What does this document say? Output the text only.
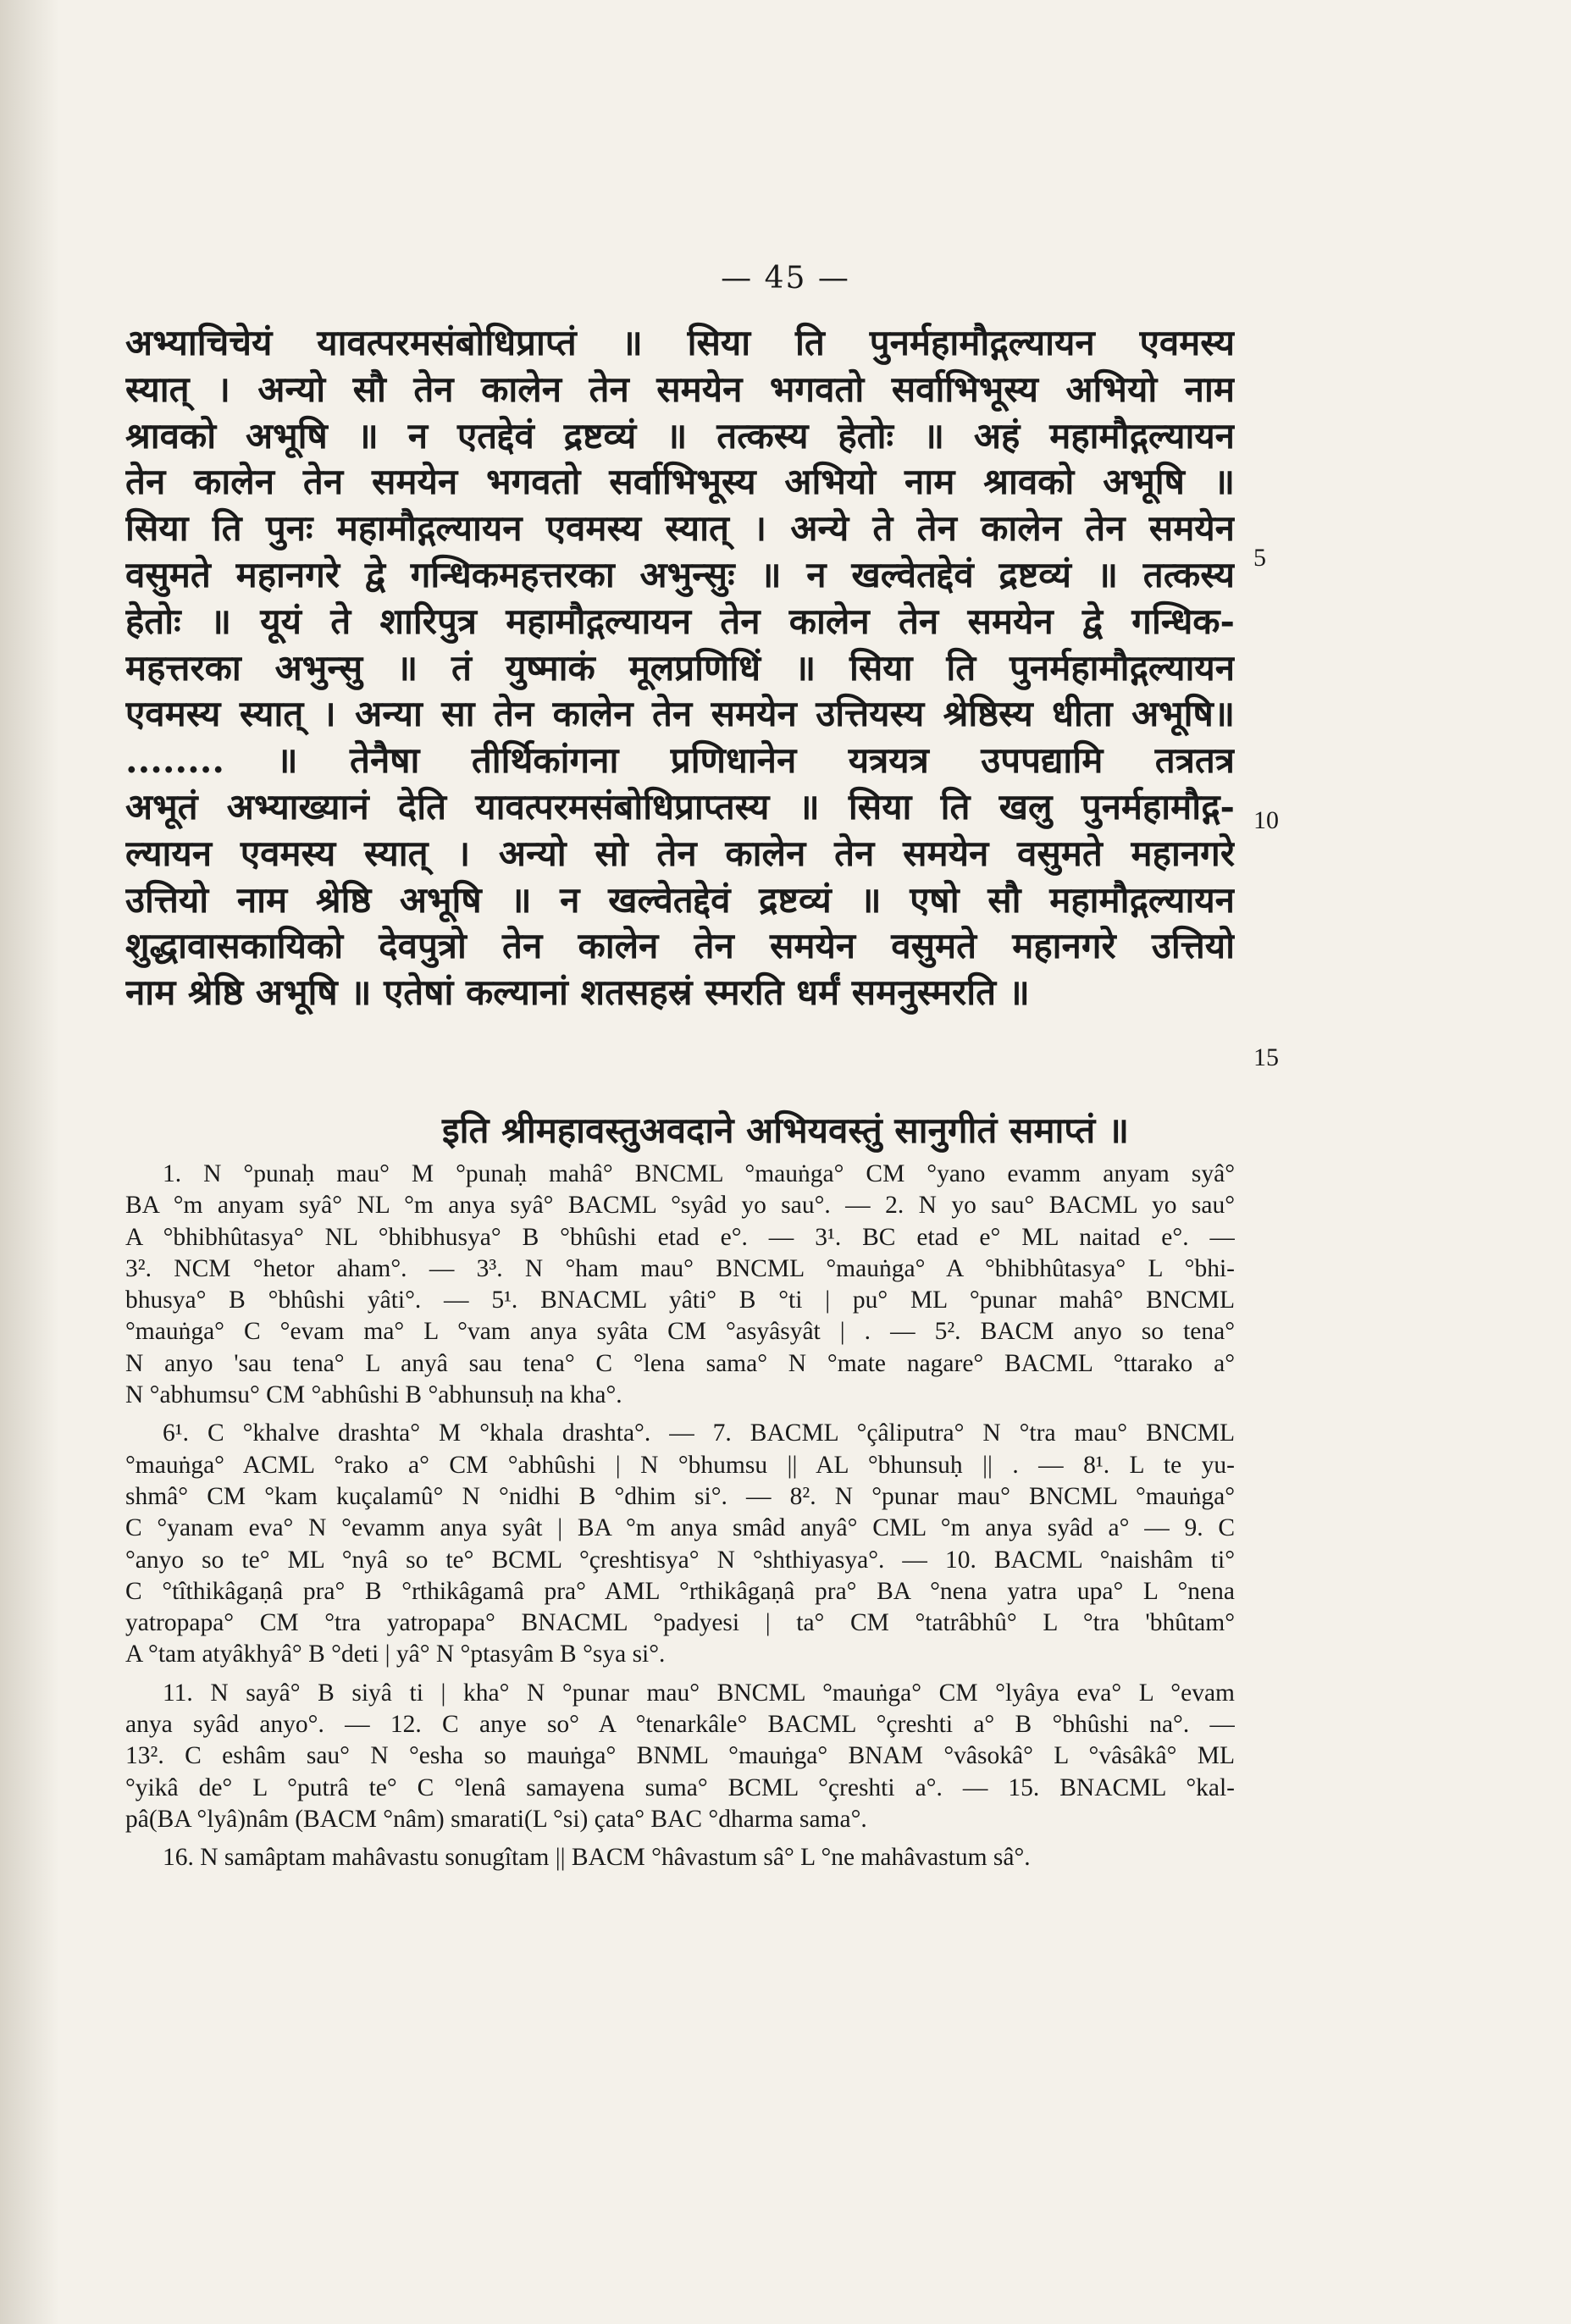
— 45 —
अभ्याचिचेयं यावत्परमसंबोधिप्राप्तं ॥ सिया ति पुनर्महामौद्गल्यायन एवमस्य
स्यात् । अन्यो सौ तेन कालेन तेन समयेन भगवतो सर्वाभिभूस्य अभियो नाम
श्रावको अभूषि ॥ न एतद्देवं द्रष्टव्यं ॥ तत्कस्य हेतोः ॥ अहं महामौद्गल्यायन
तेन कालेन तेन समयेन भगवतो सर्वाभिभूस्य अभियो नाम श्रावको अभूषि ॥
सिया ति पुनः महामौद्गल्यायन एवमस्य स्यात् । अन्ये ते तेन कालेन तेन समयेन
वसुमते महानगरे द्वे गन्धिकमहत्तरका अभुन्सुः ॥ न खल्वेतद्देवं द्रष्टव्यं ॥ तत्कस्य
हेतोः ॥ यूयं ते शारिपुत्र महामौद्गल्यायन तेन कालेन तेन समयेन द्वे गन्धिक-
महत्तरका अभुन्सु ॥ तं युष्माकं मूलप्रणिधिं ॥ सिया ति पुनर्महामौद्गल्यायन
एवमस्य स्यात् । अन्या सा तेन कालेन तेन समयेन उत्तियस्य श्रेष्ठिस्य धीता अभूषि॥
........ ॥ तेनैषा तीर्थिकांगना प्रणिधानेन यत्रयत्र उपपद्यामि तत्रतत्र
अभूतं अभ्याख्यानं देति यावत्परमसंबोधिप्राप्तस्य ॥ सिया ति खलु पुनर्महामौद्ग-
ल्यायन एवमस्य स्यात् । अन्यो सो तेन कालेन तेन समयेन वसुमते महानगरे
उत्तियो नाम श्रेष्ठि अभूषि ॥ न खल्वेतद्देवं द्रष्टव्यं ॥ एषो सौ महामौद्गल्यायन
शुद्धावासकायिको देवपुत्रो तेन कालेन तेन समयेन वसुमते महानगरे उत्तियो
नाम श्रेष्ठि अभूषि ॥ एतेषां कल्यानां शतसहस्रं स्मरति धर्मं समनुस्मरति ॥
5
10
15
इति श्रीमहावस्तुअवदाने अभियवस्तुं सानुगीतं समाप्तं ॥
1. N °punaḥ mau° M °punaḥ mahâ° BNCML °mauṅga° CM °yano evamm anyam syâ°
BA °m anyam syâ° NL °m anya syâ° BACML °syâd yo sau°. — 2. N yo sau° BACML yo sau°
A °bhibhûtasya° NL °bhibhusya° B °bhûshi etad e°. — 3¹. BC etad e° ML naitad e°. —
3². NCM °hetor aham°. — 3³. N °ham mau° BNCML °mauṅga° A °bhibhûtasya° L °bhi-
bhusya° B °bhûshi yâti°. — 5¹. BNACML yâti° B °ti | pu° ML °punar mahâ° BNCML
°mauṅga° C °evam ma° L °vam anya syâta CM °asyâsyât | . — 5². BACM anyo so tena°
N anyo 'sau tena° L anyâ sau tena° C °lena sama° N °mate nagare° BACML °ttarako a°
N °abhumsu° CM °abhûshi B °abhunsuḥ na kha°.
6¹. C °khalve drashta° M °khala drashta°. — 7. BACML °çâliputra° N °tra mau° BNCML
°mauṅga° ACML °rako a° CM °abhûshi | N °bhumsu || AL °bhunsuḥ || . — 8¹. L te yu-
shmâ° CM °kam kuçalamû° N °nidhi B °dhim si°. — 8². N °punar mau° BNCML °mauṅga°
C °yanam eva° N °evamm anya syât | BA °m anya smâd anyâ° CML °m anya syâd a° — 9. C
°anyo so te° ML °nyâ so te° BCML °çreshtisya° N °shthiyasya°. — 10. BACML °naishâm ti°
C °tîthikâgaṇâ pra° B °rthikâgamâ pra° AML °rthikâgaṇâ pra° BA °nena yatra upa° L °nena
yatropapa° CM °tra yatropapa° BNACML °padyesi | ta° CM °tatrâbhû° L °tra 'bhûtam°
A °tam atyâkhyâ° B °deti | yâ° N °ptasyâm B °sya si°.
11. N sayâ° B siyâ ti | kha° N °punar mau° BNCML °mauṅga° CM °lyâya eva° L °evam
anya syâd anyo°. — 12. C anye so° A °tenarkâle° BACML °çreshti a° B °bhûshi na°. —
13². C eshâm sau° N °esha so mauṅga° BNML °mauṅga° BNAM °vâsokâ° L °vâsâkâ° ML
°yikâ de° L °putrâ te° C °lenâ samayena suma° BCML °çreshti a°. — 15. BNACML °kal-
pâ(BA °lyâ)nâm (BACM °nâm) smarati(L °si) çata° BAC °dharma sama°.
16. N samâptam mahâvastu sonugîtam || BACM °hâvastum sâ° L °ne mahâvastum sâ°.
